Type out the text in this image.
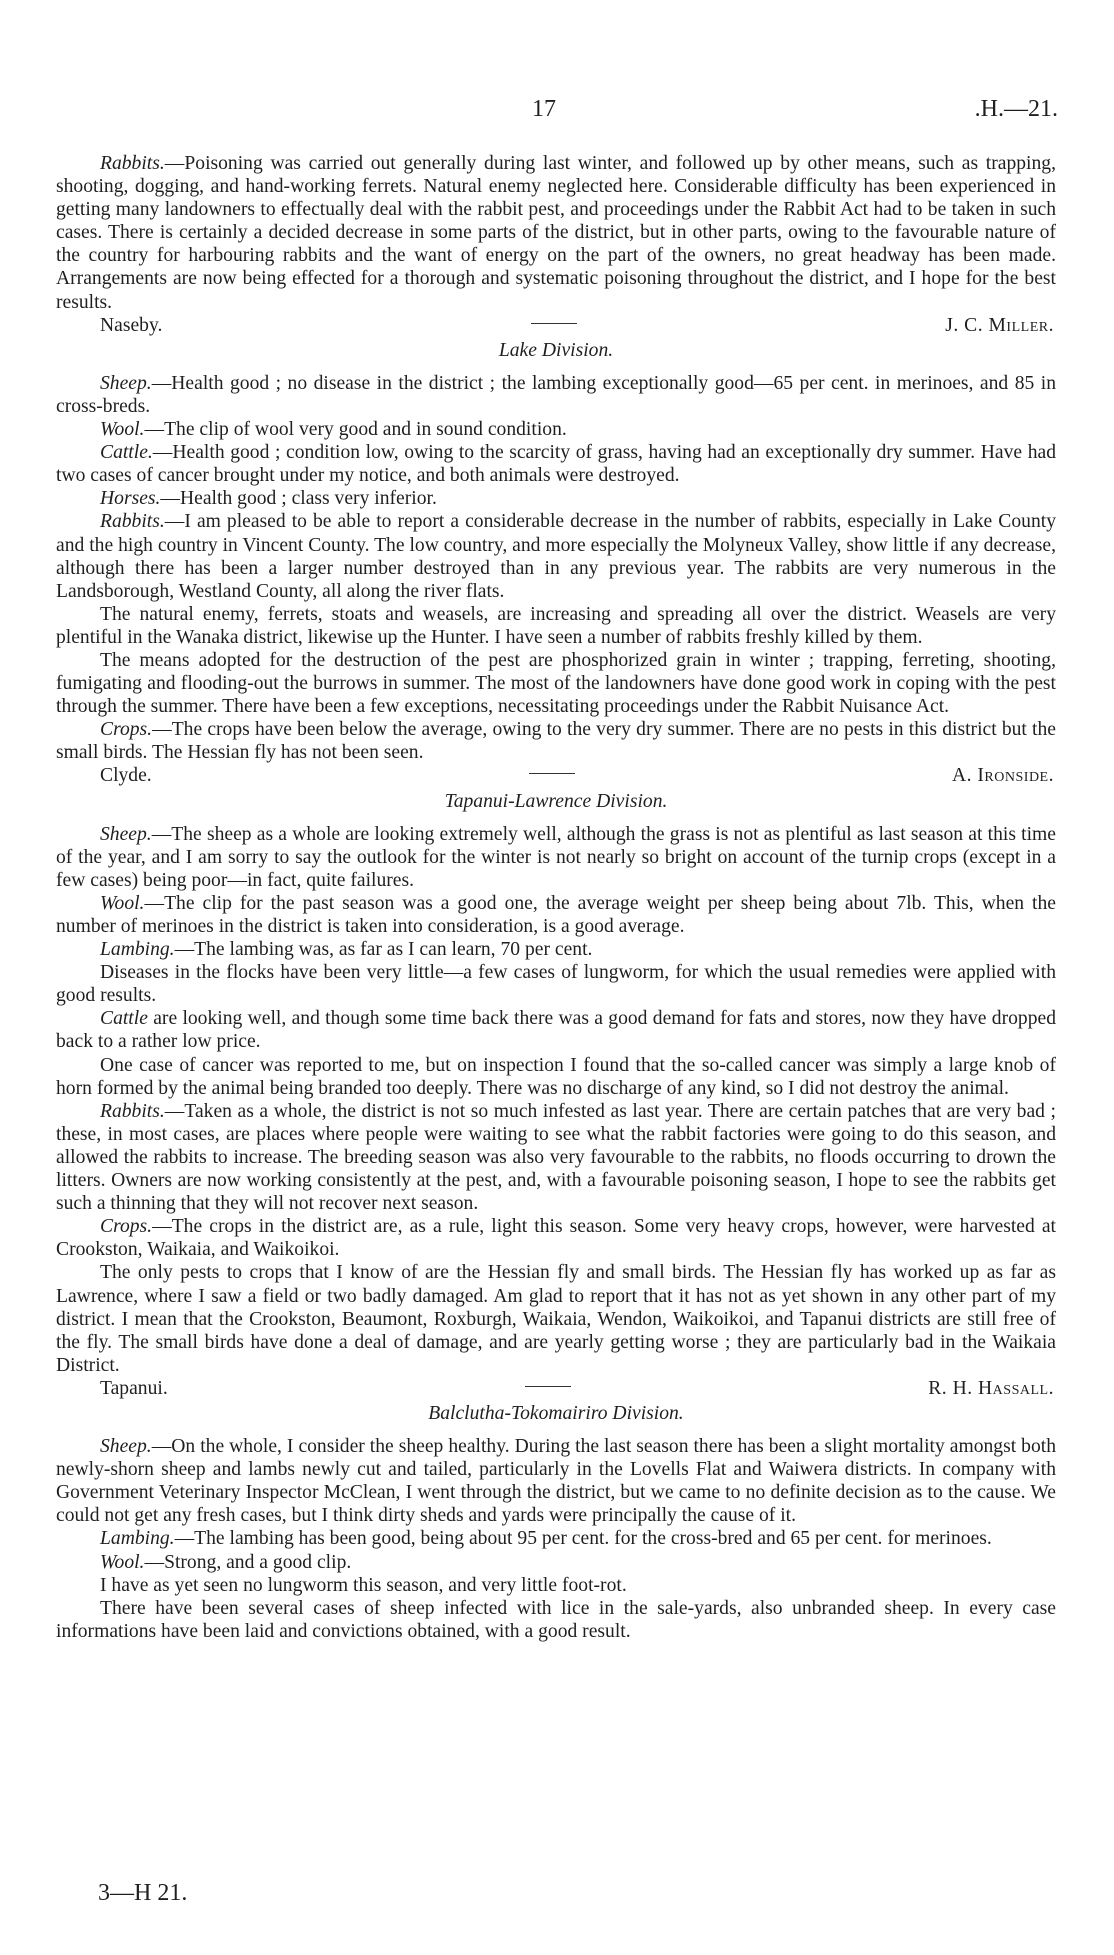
17	.H.—21.

Rabbits.—Poisoning was carried out generally during last winter, and followed up by other means, such as trapping, shooting, dogging, and hand-working ferrets. Natural enemy neglected here. Considerable difficulty has been experienced in getting many landowners to effectually deal with the rabbit pest, and proceedings under the Rabbit Act had to be taken in such cases. There is certainly a decided decrease in some parts of the district, but in other parts, owing to the favourable nature of the country for harbouring rabbits and the want of energy on the part of the owners, no great headway has been made. Arrangements are now being effected for a thorough and systematic poisoning throughout the district, and I hope for the best results.

Naseby.	J. C. Miller.
Lake Division.

Sheep.—Health good ; no disease in the district ; the lambing exceptionally good—65 per cent. in merinoes, and 85 in cross-breds.

Wool.—The clip of wool very good and in sound condition.

Cattle.—Health good ; condition low, owing to the scarcity of grass, having had an exceptionally dry summer. Have had two cases of cancer brought under my notice, and both animals were destroyed.

Horses.—Health good ; class very inferior.

Rabbits.—I am pleased to be able to report a considerable decrease in the number of rabbits, especially in Lake County and the high country in Vincent County. The low country, and more especially the Molyneux Valley, show little if any decrease, although there has been a larger number destroyed than in any previous year. The rabbits are very numerous in the Landsborough, Westland County, all along the river flats.

The natural enemy, ferrets, stoats and weasels, are increasing and spreading all over the district. Weasels are very plentiful in the Wanaka district, likewise up the Hunter. I have seen a number of rabbits freshly killed by them.

The means adopted for the destruction of the pest are phosphorized grain in winter ; trapping, ferreting, shooting, fumigating and flooding-out the burrows in summer. The most of the landowners have done good work in coping with the pest through the summer. There have been a few exceptions, necessitating proceedings under the Rabbit Nuisance Act.

Crops.—The crops have been below the average, owing to the very dry summer. There are no pests in this district but the small birds. The Hessian fly has not been seen.

Clyde.	A. Ironside.
Tapanui-Lawrence Division.

Sheep.—The sheep as a whole are looking extremely well, although the grass is not as plentiful as last season at this time of the year, and I am sorry to say the outlook for the winter is not nearly so bright on account of the turnip crops (except in a few cases) being poor—in fact, quite failures.

Wool.—The clip for the past season was a good one, the average weight per sheep being about 7lb. This, when the number of merinoes in the district is taken into consideration, is a good average.

Lambing.—The lambing was, as far as I can learn, 70 per cent.

Diseases in the flocks have been very little—a few cases of lungworm, for which the usual remedies were applied with good results.

Cattle are looking well, and though some time back there was a good demand for fats and stores, now they have dropped back to a rather low price.

One case of cancer was reported to me, but on inspection I found that the so-called cancer was simply a large knob of horn formed by the animal being branded too deeply. There was no discharge of any kind, so I did not destroy the animal.

Rabbits.—Taken as a whole, the district is not so much infested as last year. There are certain patches that are very bad ; these, in most cases, are places where people were waiting to see what the rabbit factories were going to do this season, and allowed the rabbits to increase. The breeding season was also very favourable to the rabbits, no floods occurring to drown the litters. Owners are now working consistently at the pest, and, with a favourable poisoning season, I hope to see the rabbits get such a thinning that they will not recover next season.

Crops.—The crops in the district are, as a rule, light this season. Some very heavy crops, however, were harvested at Crookston, Waikaia, and Waikoikoi.

The only pests to crops that I know of are the Hessian fly and small birds. The Hessian fly has worked up as far as Lawrence, where I saw a field or two badly damaged. Am glad to report that it has not as yet shown in any other part of my district. I mean that the Crookston, Beaumont, Roxburgh, Waikaia, Wendon, Waikoikoi, and Tapanui districts are still free of the fly. The small birds have done a deal of damage, and are yearly getting worse ; they are particularly bad in the Waikaia District.

Tapanui.	R. H. Hassall.
Balclutha-Tokomairiro Division.

Sheep.—On the whole, I consider the sheep healthy. During the last season there has been a slight mortality amongst both newly-shorn sheep and lambs newly cut and tailed, particularly in the Lovells Flat and Waiwera districts. In company with Government Veterinary Inspector McClean, I went through the district, but we came to no definite decision as to the cause. We could not get any fresh cases, but I think dirty sheds and yards were principally the cause of it.

Lambing.—The lambing has been good, being about 95 per cent. for the cross-bred and 65 per cent. for merinoes.

Wool.—Strong, and a good clip.

I have as yet seen no lungworm this season, and very little foot-rot.

There have been several cases of sheep infected with lice in the sale-yards, also unbranded sheep. In every case informations have been laid and convictions obtained, with a good result.

3—H 21.
